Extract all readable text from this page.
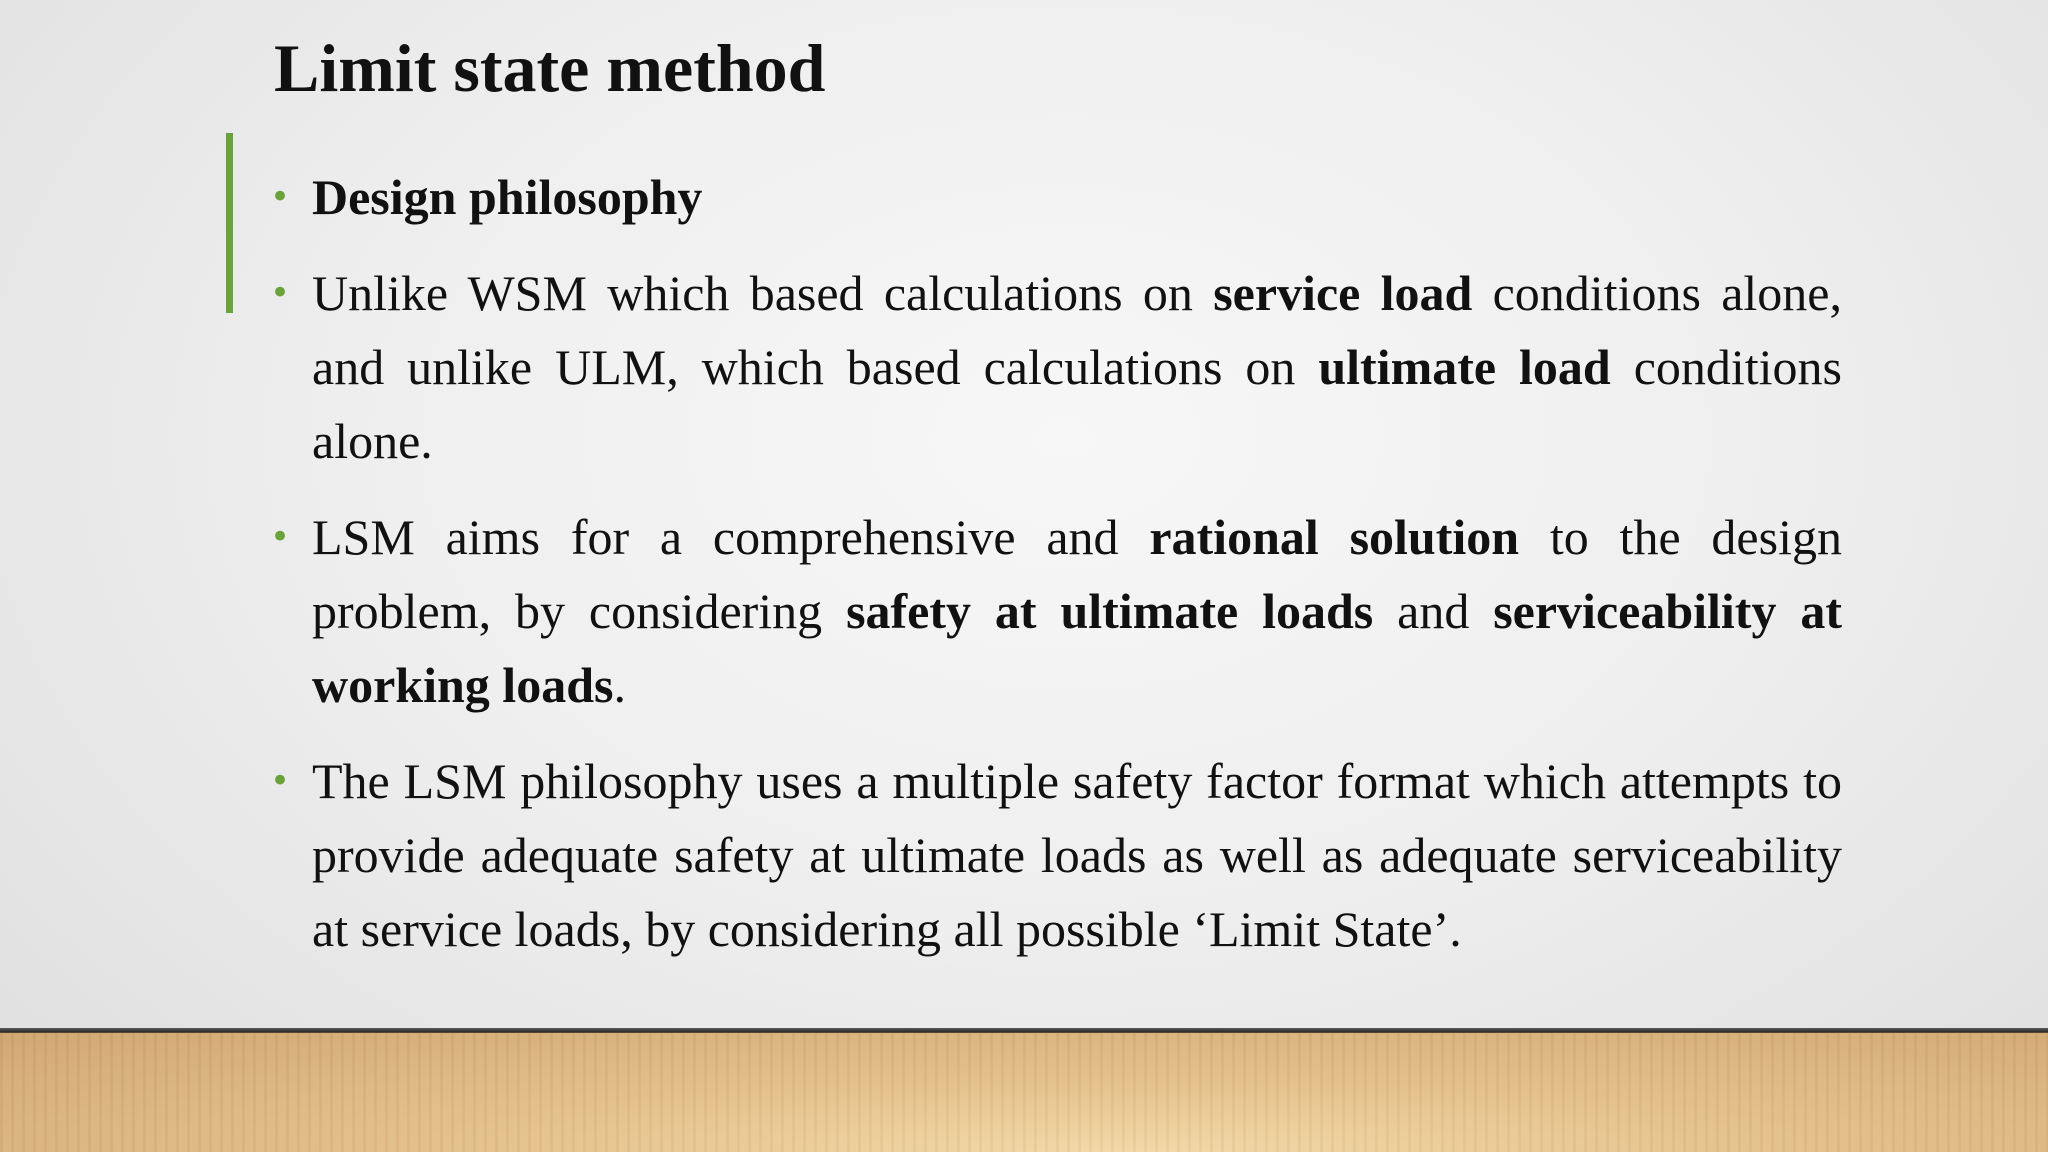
Limit state method
• Design philosophy
• Unlike WSM which based calculations on service load conditions alone, and unlike ULM, which based calculations on ultimate load conditions alone.
• LSM aims for a comprehensive and rational solution to the design problem, by considering safety at ultimate loads and serviceability at working loads.
• The LSM philosophy uses a multiple safety factor format which attempts to provide adequate safety at ultimate loads as well as adequate serviceability at service loads, by considering all possible ‘Limit State’.
